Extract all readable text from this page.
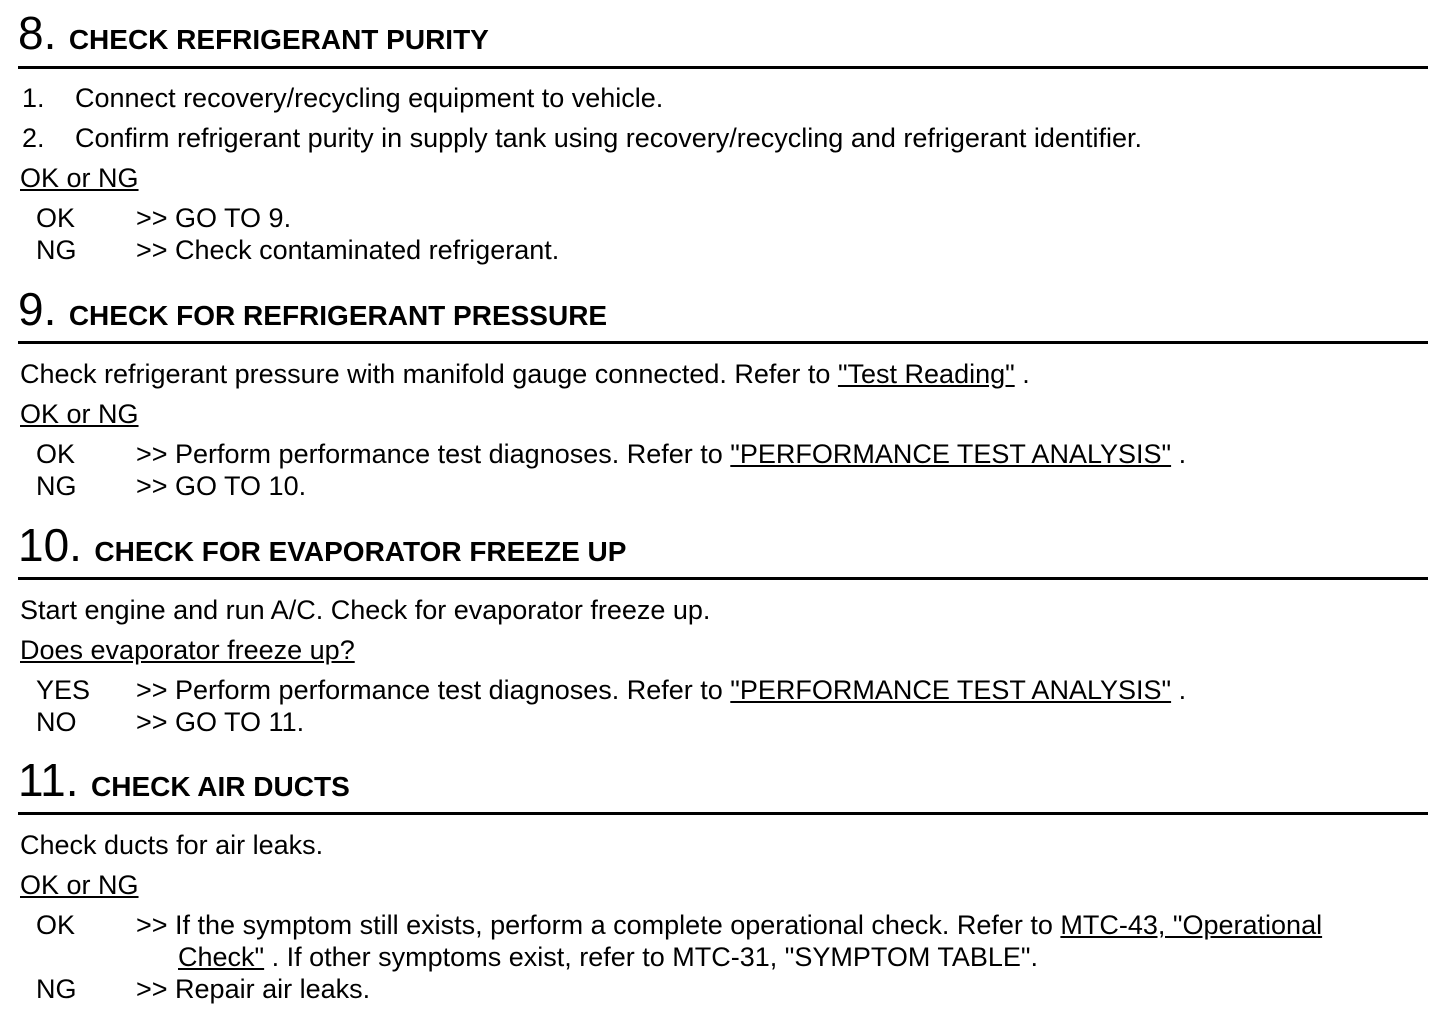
8. CHECK REFRIGERANT PURITY
1. Connect recovery/recycling equipment to vehicle.
2. Confirm refrigerant purity in supply tank using recovery/recycling and refrigerant identifier.
OK or NG
OK >> GO TO 9.
NG >> Check contaminated refrigerant.
9. CHECK FOR REFRIGERANT PRESSURE
Check refrigerant pressure with manifold gauge connected. Refer to "Test Reading" .
OK or NG
OK >> Perform performance test diagnoses. Refer to "PERFORMANCE TEST ANALYSIS" .
NG >> GO TO 10.
10. CHECK FOR EVAPORATOR FREEZE UP
Start engine and run A/C. Check for evaporator freeze up.
Does evaporator freeze up?
YES >> Perform performance test diagnoses. Refer to "PERFORMANCE TEST ANALYSIS" .
NO >> GO TO 11.
11. CHECK AIR DUCTS
Check ducts for air leaks.
OK or NG
OK >> If the symptom still exists, perform a complete operational check. Refer to MTC-43, "Operational
Check" . If other symptoms exist, refer to MTC-31, "SYMPTOM TABLE".
NG >> Repair air leaks.
